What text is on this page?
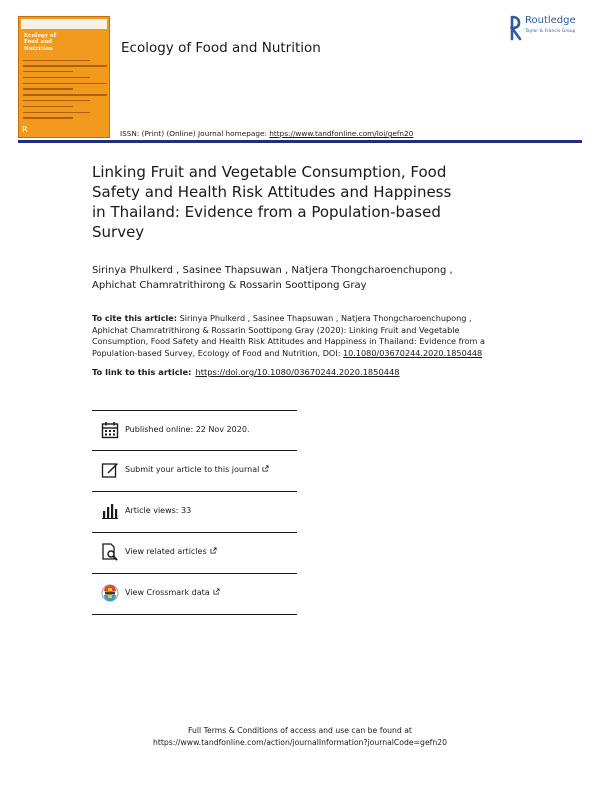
Ecology of
Food and
Nutrition
R
Ecology of Food and Nutrition
Routledge
Taylor & Francis Group
ISSN: (Print) (Online) Journal homepage: https://www.tandfonline.com/loi/gefn20
Linking Fruit and Vegetable Consumption, Food
Safety and Health Risk Attitudes and Happiness
in Thailand: Evidence from a Population-based
Survey
Sirinya Phulkerd , Sasinee Thapsuwan , Natjera Thongcharoenchupong ,
Aphichat Chamratrithirong & Rossarin Soottipong Gray
To cite this article: Sirinya Phulkerd , Sasinee Thapsuwan , Natjera Thongcharoenchupong ,
Aphichat Chamratrithirong & Rossarin Soottipong Gray (2020): Linking Fruit and Vegetable
Consumption, Food Safety and Health Risk Attitudes and Happiness in Thailand: Evidence from a
Population-based Survey, Ecology of Food and Nutrition, DOI: 10.1080/03670244.2020.1850448
To link to this article: https://doi.org/10.1080/03670244.2020.1850448
Published online: 22 Nov 2020.
Submit your article to this journal
Article views: 33
View related articles
View Crossmark data
Full Terms & Conditions of access and use can be found at
https://www.tandfonline.com/action/journalInformation?journalCode=gefn20
